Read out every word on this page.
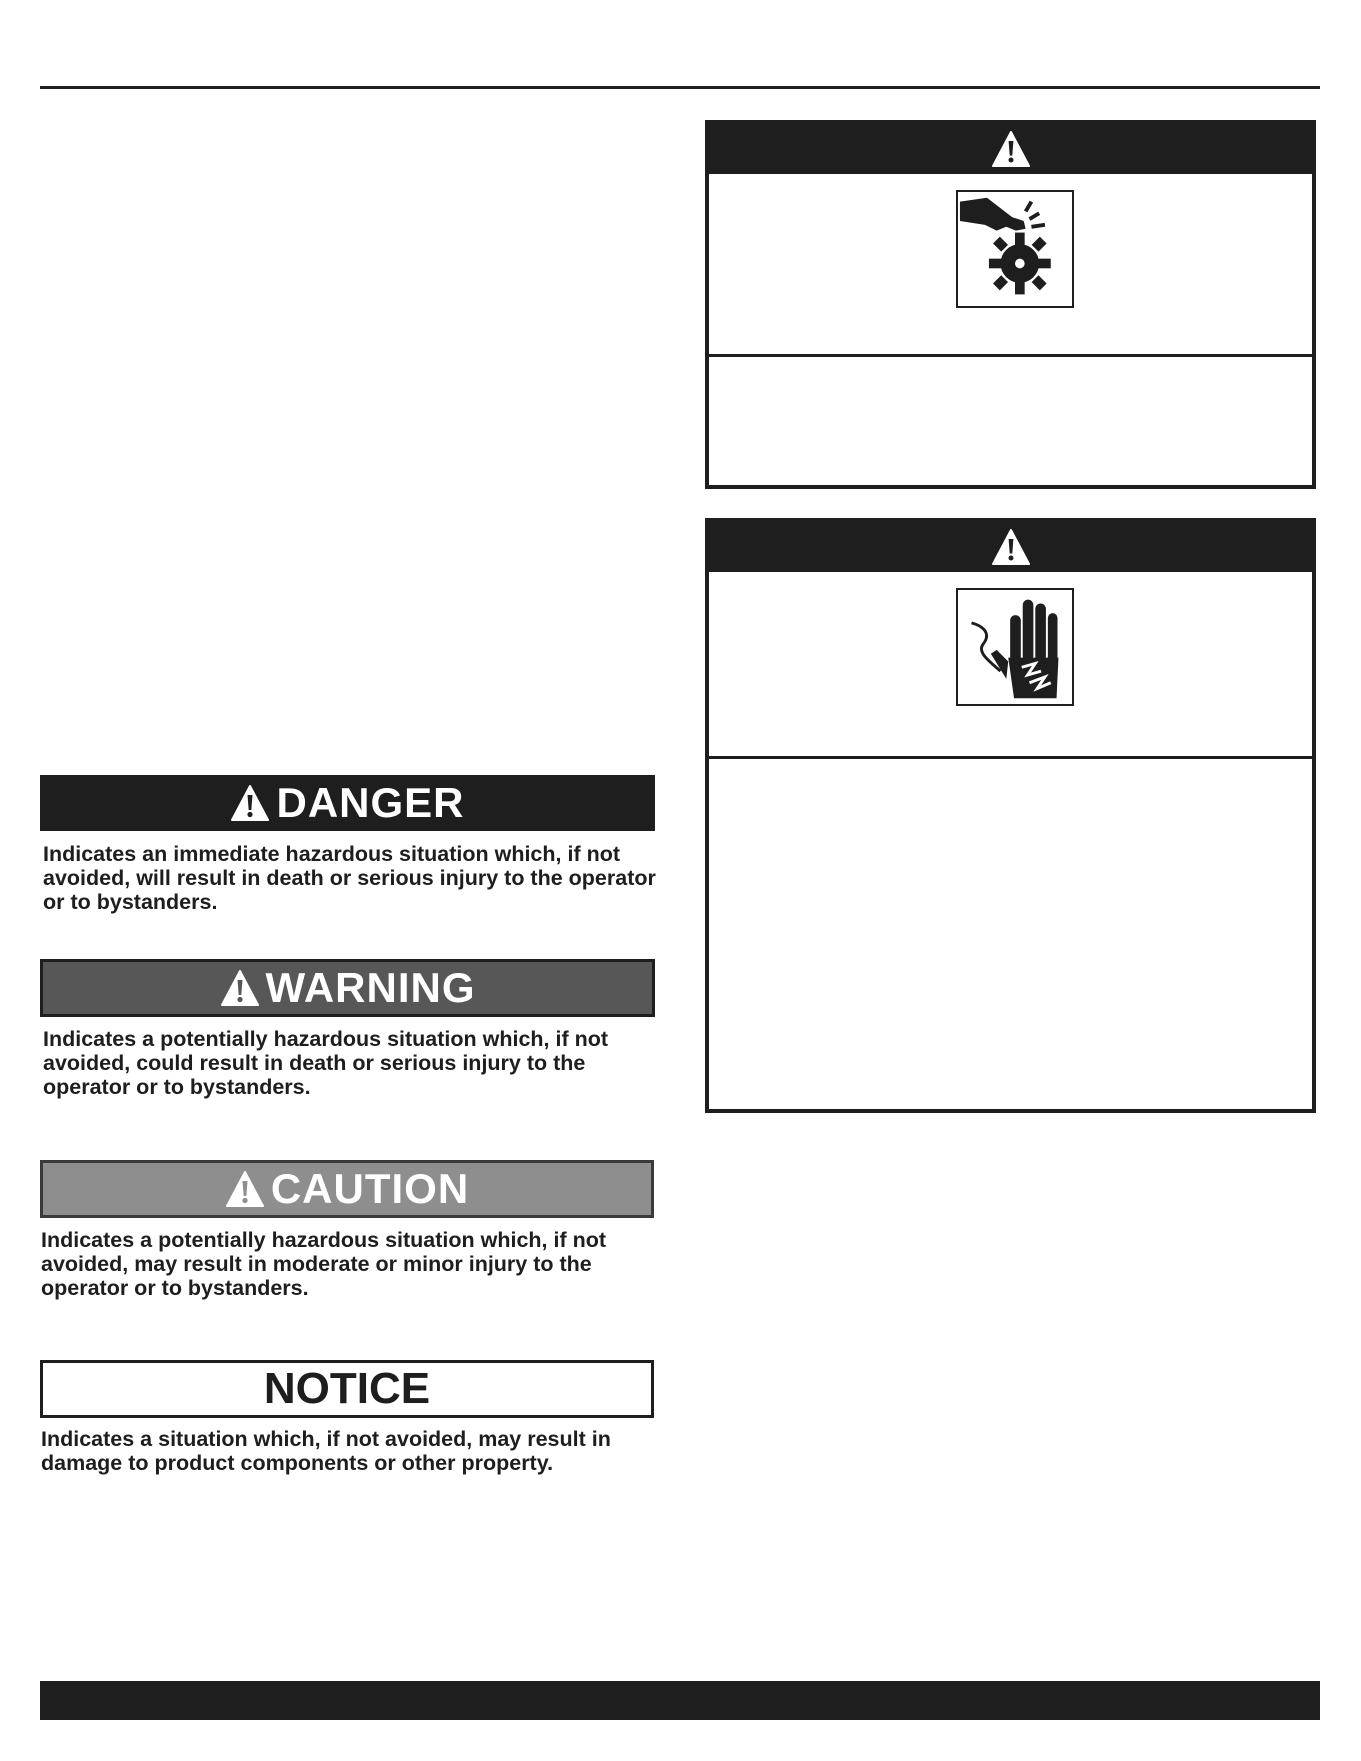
DANGER
Indicates an immediate hazardous situation which, if not avoided, will result in death or serious injury to the operator or to bystanders.
WARNING
Indicates a potentially hazardous situation which, if not avoided, could result in death or serious injury to the operator or to bystanders.
CAUTION
Indicates a potentially hazardous situation which, if not avoided, may result in moderate or minor injury to the operator or to bystanders.
NOTICE
Indicates a situation which, if not avoided, may result in damage to product components or other property.
